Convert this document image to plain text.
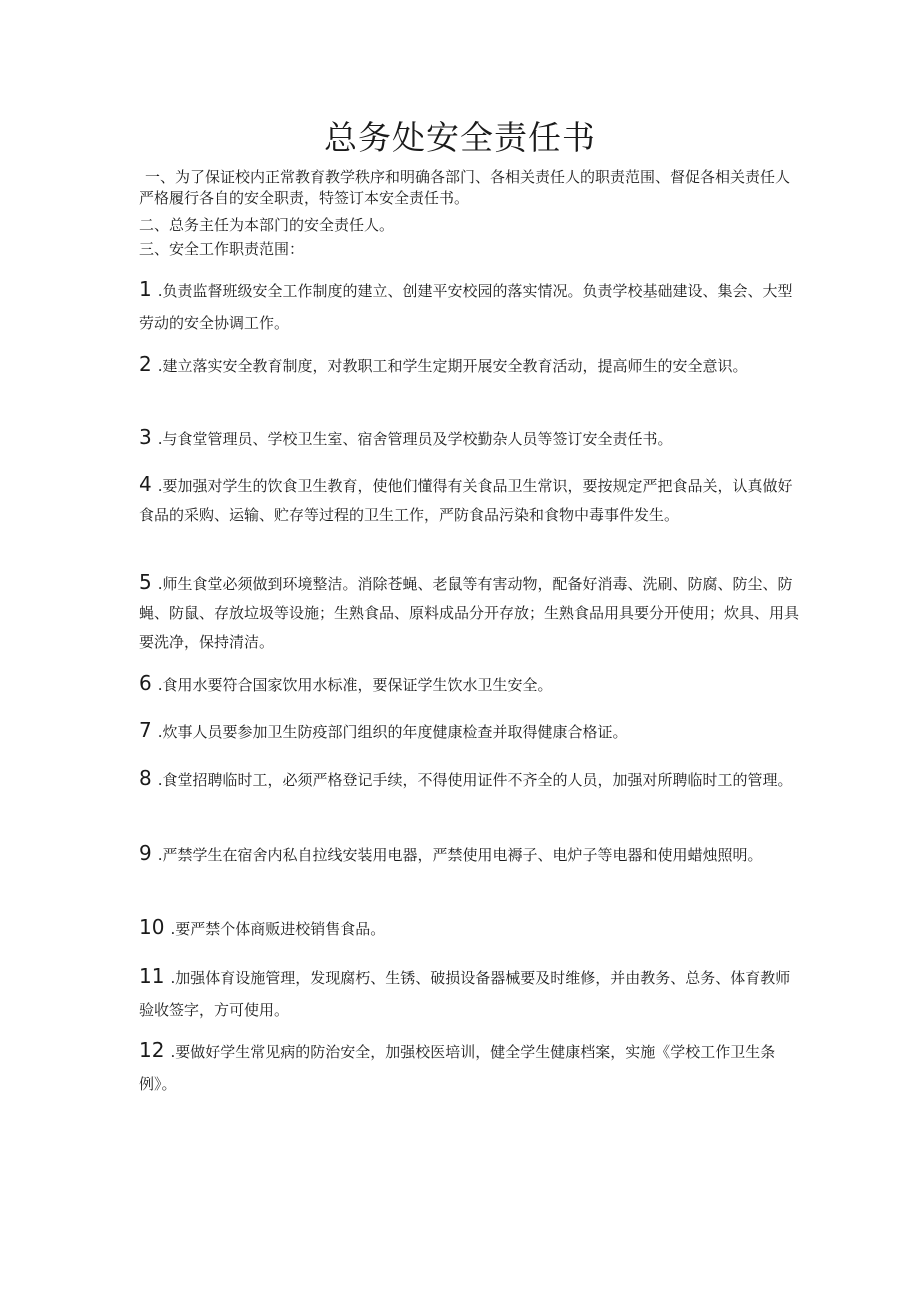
总务处安全责任书

一、为了保证校内正常教育教学秩序和明确各部门、各相关责任人的职责范围、督促各相关责任人严格履行各自的安全职责，特签订本安全责任书。

二、总务主任为本部门的安全责任人。

三、安全工作职责范围：

1 .负责监督班级安全工作制度的建立、创建平安校园的落实情况。负责学校基础建设、集会、大型劳动的安全协调工作。

2 .建立落实安全教育制度，对教职工和学生定期开展安全教育活动，提高师生的安全意识。

3 .与食堂管理员、学校卫生室、宿舍管理员及学校勤杂人员等签订安全责任书。

4 .要加强对学生的饮食卫生教育，使他们懂得有关食品卫生常识，要按规定严把食品关，认真做好食品的采购、运输、贮存等过程的卫生工作，严防食品污染和食物中毒事件发生。

5 .师生食堂必须做到环境整洁。消除苍蝇、老鼠等有害动物，配备好消毒、洗刷、防腐、防尘、防蝇、防鼠、存放垃圾等设施；生熟食品、原料成品分开存放；生熟食品用具要分开使用；炊具、用具要洗净，保持清洁。

6 .食用水要符合国家饮用水标准，要保证学生饮水卫生安全。

7 .炊事人员要参加卫生防疫部门组织的年度健康检查并取得健康合格证。

8 .食堂招聘临时工，必须严格登记手续，不得使用证件不齐全的人员，加强对所聘临时工的管理。

9 .严禁学生在宿舍内私自拉线安装用电器，严禁使用电褥子、电炉子等电器和使用蜡烛照明。

10 .要严禁个体商贩进校销售食品。

11 .加强体育设施管理，发现腐朽、生锈、破损设备器械要及时维修，并由教务、总务、体育教师验收签字，方可使用。

12 .要做好学生常见病的防治安全，加强校医培训，健全学生健康档案，实施《学校工作卫生条例》。
